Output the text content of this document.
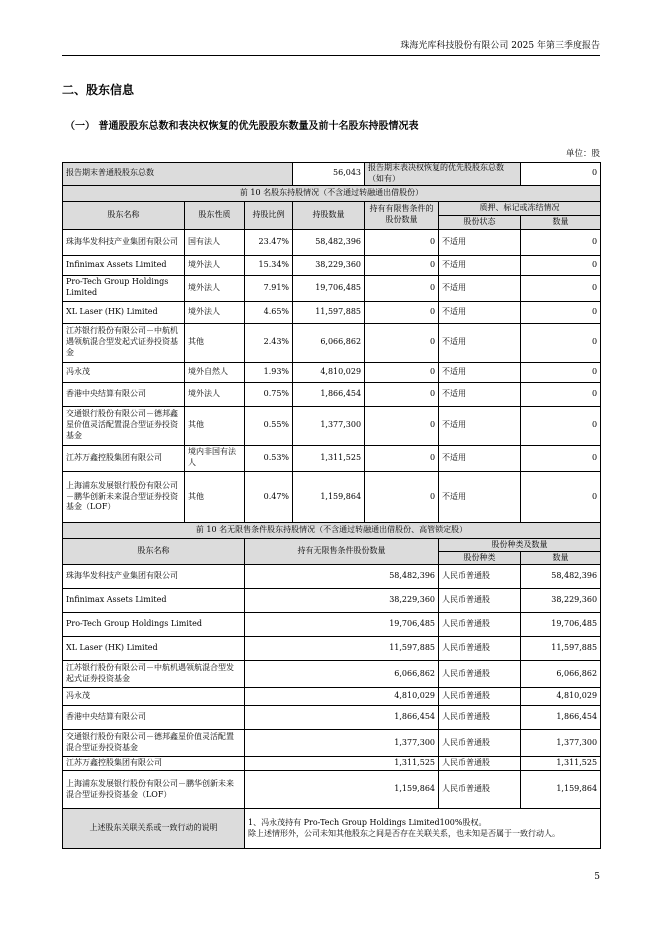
珠海光库科技股份有限公司 2025 年第三季度报告
二、股东信息
（一） 普通股股东总数和表决权恢复的优先股股东数量及前十名股东持股情况表
单位：股
报告期末普通股股东总数			56,043	报告期末表决权恢复的优先股股东总数（如有）		0
前 10 名股东持股情况（不含通过转融通出借股份）						
股东名称	股东性质	持股比例	持股数量	持有有限售条件的股份数量	质押、标记或冻结情况	
					股份状态	数量
珠海华发科技产业集团有限公司	国有法人	23.47%	58,482,396	0	不适用	0
Infinimax Assets Limited	境外法人	15.34%	38,229,360	0	不适用	0
Pro-Tech Group Holdings Limited	境外法人	7.91%	19,706,485	0	不适用	0
XL Laser (HK) Limited	境外法人	4.65%	11,597,885	0	不适用	0
江苏银行股份有限公司－中航机遇领航混合型发起式证券投资基金	其他	2.43%	6,066,862	0	不适用	0
冯永茂	境外自然人	1.93%	4,810,029	0	不适用	0
香港中央结算有限公司	境外法人	0.75%	1,866,454	0	不适用	0
交通银行股份有限公司－德邦鑫星价值灵活配置混合型证券投资基金	其他	0.55%	1,377,300	0	不适用	0
江苏万鑫控股集团有限公司	境内非国有法人	0.53%	1,311,525	0	不适用	0
上海浦东发展银行股份有限公司－鹏华创新未来混合型证券投资基金（LOF）	其他	0.47%	1,159,864	0	不适用	0
前 10 名无限售条件股东持股情况（不含通过转融通出借股份、高管锁定股）			
股东名称	持有无限售条件股份数量	股份种类及数量	
		股份种类	数量
珠海华发科技产业集团有限公司	58,482,396	人民币普通股	58,482,396
Infinimax Assets Limited	38,229,360	人民币普通股	38,229,360
Pro-Tech Group Holdings Limited	19,706,485	人民币普通股	19,706,485
XL Laser (HK) Limited	11,597,885	人民币普通股	11,597,885
江苏银行股份有限公司－中航机遇领航混合型发起式证券投资基金	6,066,862	人民币普通股	6,066,862
冯永茂	4,810,029	人民币普通股	4,810,029
香港中央结算有限公司	1,866,454	人民币普通股	1,866,454
交通银行股份有限公司－德邦鑫星价值灵活配置混合型证券投资基金	1,377,300	人民币普通股	1,377,300
江苏万鑫控股集团有限公司	1,311,525	人民币普通股	1,311,525
上海浦东发展银行股份有限公司－鹏华创新未来混合型证券投资基金（LOF）	1,159,864	人民币普通股	1,159,864
上述股东关联关系或一致行动的说明	1、冯永茂持有 Pro-Tech Group Holdings Limited100%股权。
除上述情形外，公司未知其他股东之间是否存在关联关系，也未知是否属于一致行动人。		
5
